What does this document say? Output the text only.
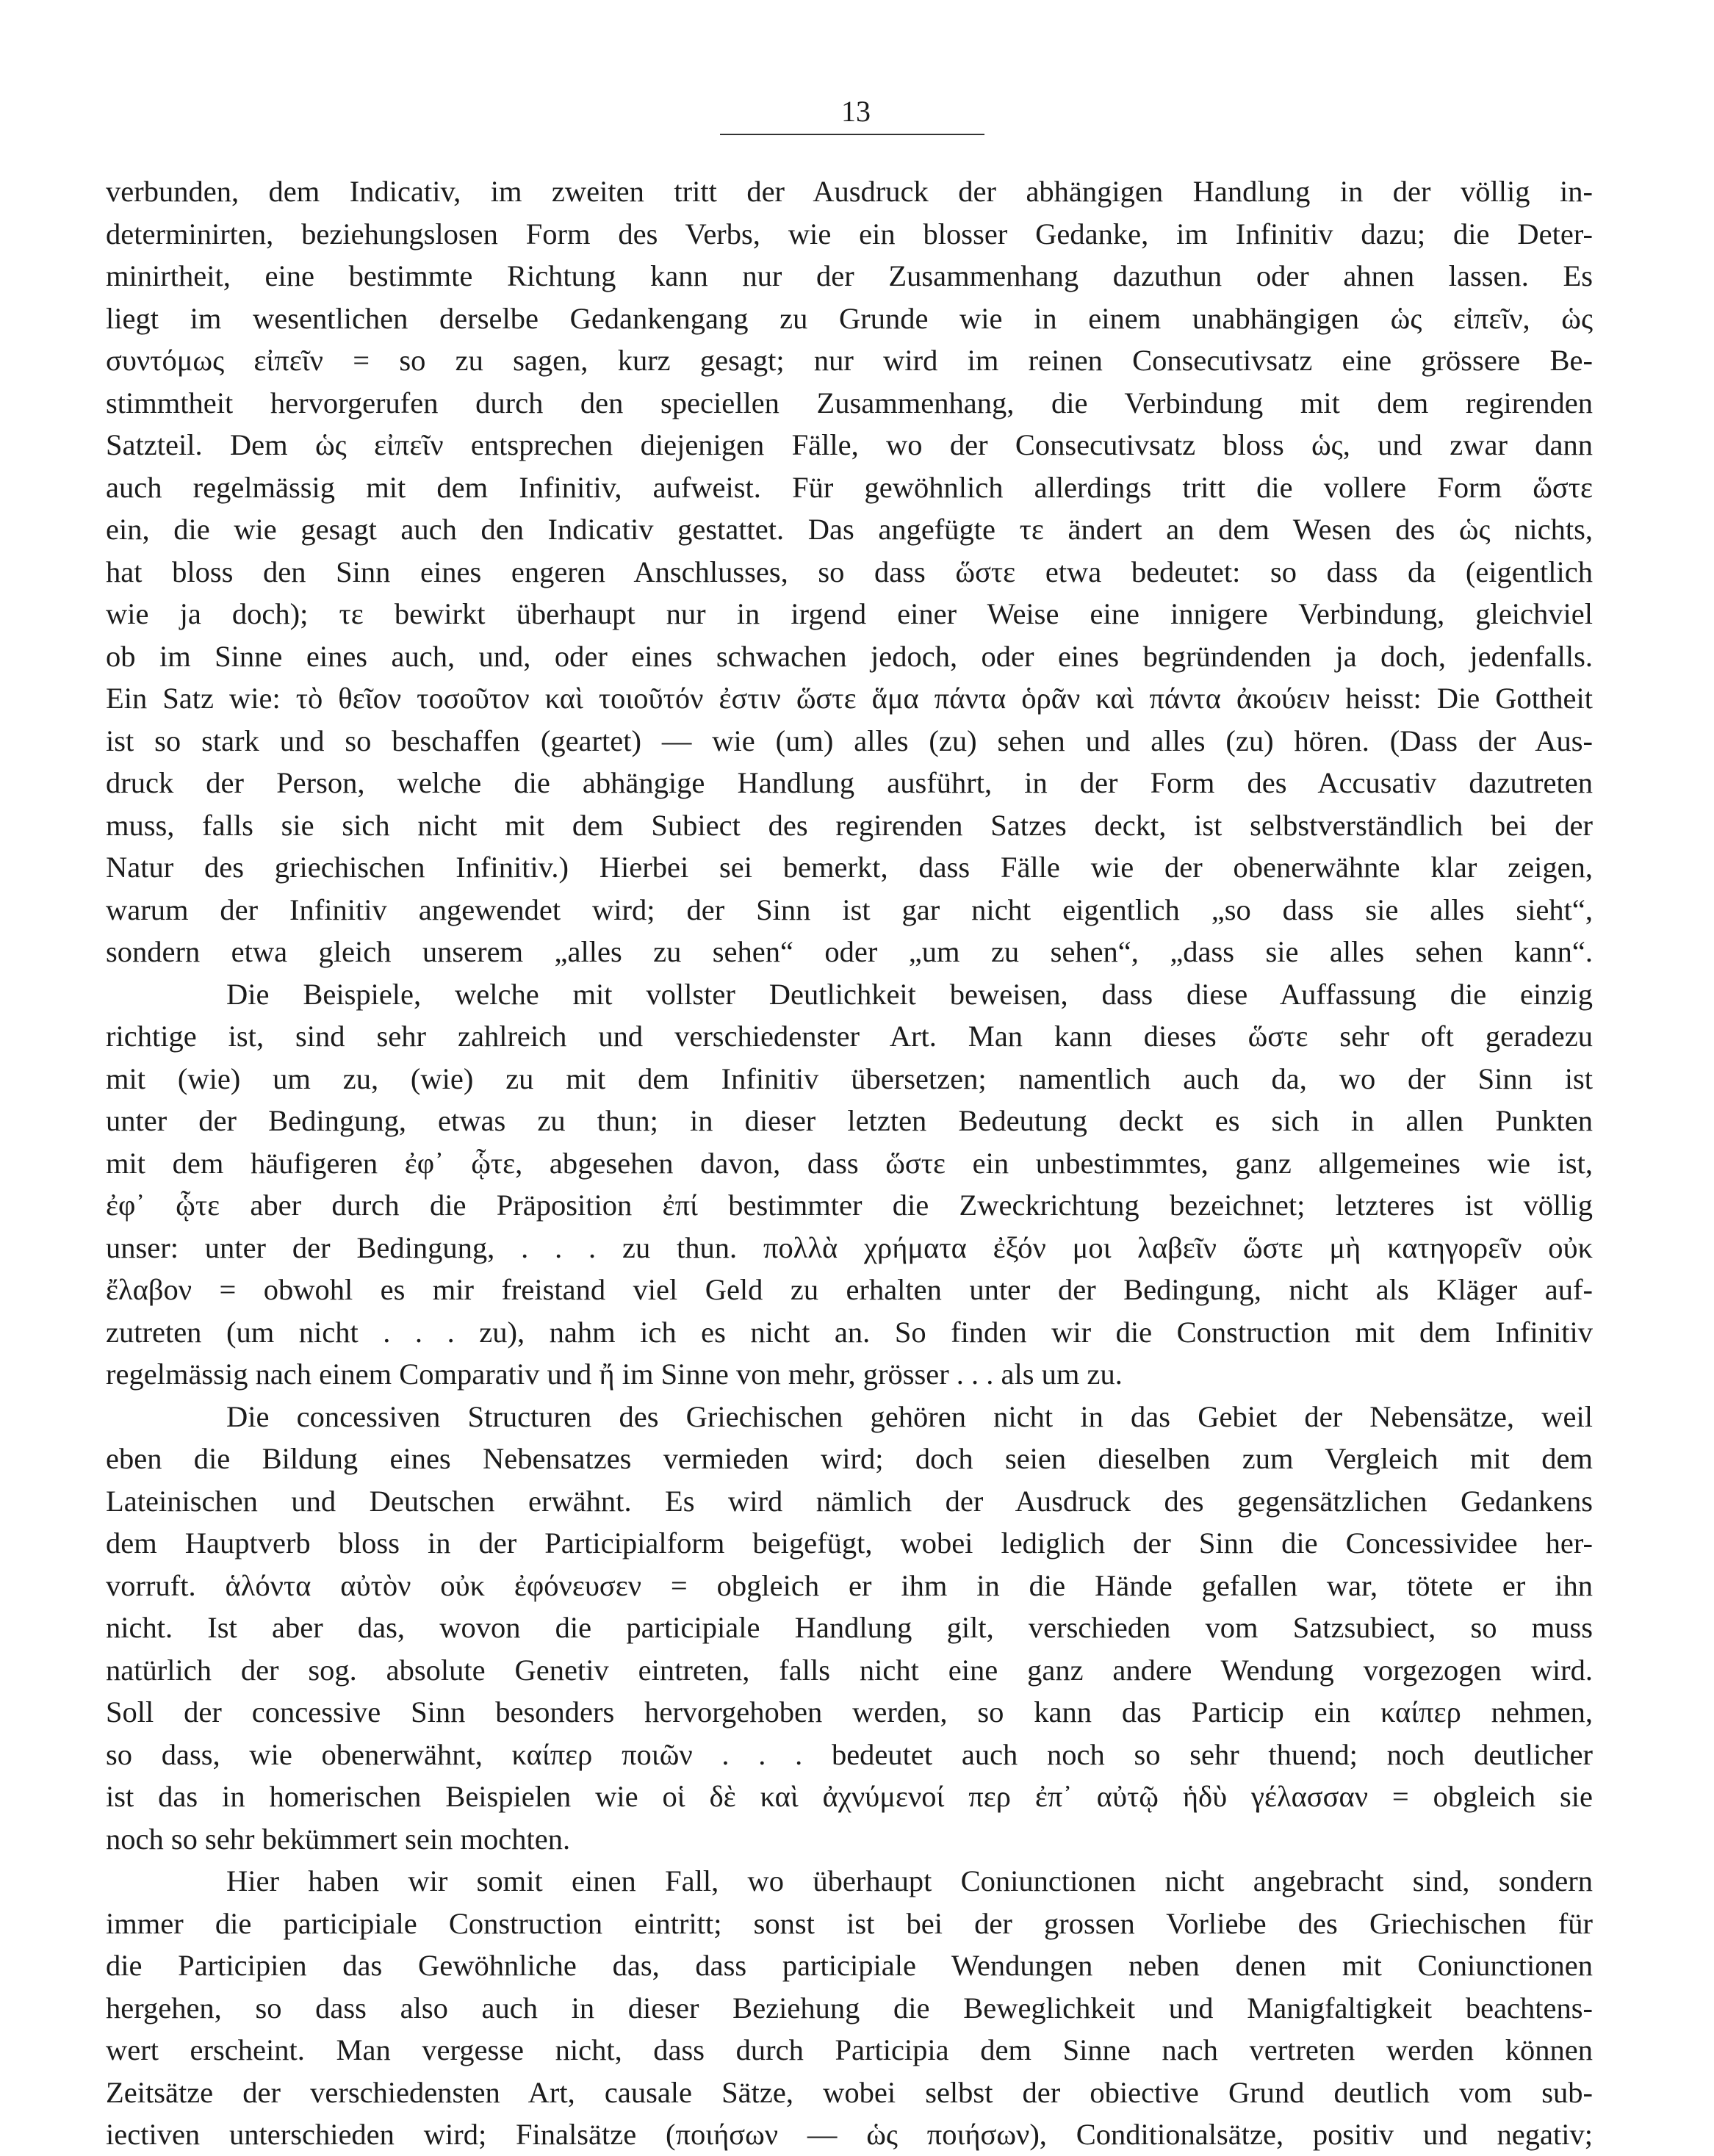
13
verbunden, dem Indicativ, im zweiten tritt der Ausdruck der abhängigen Handlung in der völlig in-
determinirten, beziehungslosen Form des Verbs, wie ein blosser Gedanke, im Infinitiv dazu; die Deter-
minirtheit, eine bestimmte Richtung kann nur der Zusammenhang dazuthun oder ahnen lassen. Es
liegt im wesentlichen derselbe Gedankengang zu Grunde wie in einem unabhängigen ὡς εἰπεῖν, ὡς
συντόμως εἰπεῖν = so zu sagen, kurz gesagt; nur wird im reinen Consecutivsatz eine grössere Be-
stimmtheit hervorgerufen durch den speciellen Zusammenhang, die Verbindung mit dem regirenden
Satzteil. Dem ὡς εἰπεῖν entsprechen diejenigen Fälle, wo der Consecutivsatz bloss ὡς, und zwar dann
auch regelmässig mit dem Infinitiv, aufweist. Für gewöhnlich allerdings tritt die vollere Form ὥστε
ein, die wie gesagt auch den Indicativ gestattet. Das angefügte τε ändert an dem Wesen des ὡς nichts,
hat bloss den Sinn eines engeren Anschlusses, so dass ὥστε etwa bedeutet: so dass da (eigentlich
wie ja doch); τε bewirkt überhaupt nur in irgend einer Weise eine innigere Verbindung, gleichviel
ob im Sinne eines auch, und, oder eines schwachen jedoch, oder eines begründenden ja doch, jedenfalls.
Ein Satz wie: τὸ θεῖον τοσοῦτον καὶ τοιοῦτόν ἐστιν ὥστε ἅμα πάντα ὁρᾶν καὶ πάντα ἀκούειν heisst: Die Gottheit
ist so stark und so beschaffen (geartet) — wie (um) alles (zu) sehen und alles (zu) hören. (Dass der Aus-
druck der Person, welche die abhängige Handlung ausführt, in der Form des Accusativ dazutreten
muss, falls sie sich nicht mit dem Subiect des regirenden Satzes deckt, ist selbstverständlich bei der
Natur des griechischen Infinitiv.) Hierbei sei bemerkt, dass Fälle wie der obenerwähnte klar zeigen,
warum der Infinitiv angewendet wird; der Sinn ist gar nicht eigentlich „so dass sie alles sieht“,
sondern etwa gleich unserem „alles zu sehen“ oder „um zu sehen“, „dass sie alles sehen kann“.
Die Beispiele, welche mit vollster Deutlichkeit beweisen, dass diese Auffassung die einzig
richtige ist, sind sehr zahlreich und verschiedenster Art. Man kann dieses ὥστε sehr oft geradezu
mit (wie) um zu, (wie) zu mit dem Infinitiv übersetzen; namentlich auch da, wo der Sinn ist
unter der Bedingung, etwas zu thun; in dieser letzten Bedeutung deckt es sich in allen Punkten
mit dem häufigeren ἐφ᾽ ᾧτε, abgesehen davon, dass ὥστε ein unbestimmtes, ganz allgemeines wie ist,
ἐφ᾽ ᾧτε aber durch die Präposition ἐπί bestimmter die Zweckrichtung bezeichnet; letzteres ist völlig
unser: unter der Bedingung, . . . zu thun. πολλὰ χρήματα ἐξόν μοι λαβεῖν ὥστε μὴ κατηγορεῖν οὐκ
ἔλαβον = obwohl es mir freistand viel Geld zu erhalten unter der Bedingung, nicht als Kläger auf-
zutreten (um nicht . . . zu), nahm ich es nicht an. So finden wir die Construction mit dem Infinitiv
regelmässig nach einem Comparativ und ἤ im Sinne von mehr, grösser . . . als um zu.
Die concessiven Structuren des Griechischen gehören nicht in das Gebiet der Nebensätze, weil
eben die Bildung eines Nebensatzes vermieden wird; doch seien dieselben zum Vergleich mit dem
Lateinischen und Deutschen erwähnt. Es wird nämlich der Ausdruck des gegensätzlichen Gedankens
dem Hauptverb bloss in der Participialform beigefügt, wobei lediglich der Sinn die Concessividee her-
vorruft. ἁλόντα αὐτὸν οὐκ ἐφόνευσεν = obgleich er ihm in die Hände gefallen war, tötete er ihn
nicht. Ist aber das, wovon die participiale Handlung gilt, verschieden vom Satzsubiect, so muss
natürlich der sog. absolute Genetiv eintreten, falls nicht eine ganz andere Wendung vorgezogen wird.
Soll der concessive Sinn besonders hervorgehoben werden, so kann das Particip ein καίπερ nehmen,
so dass, wie obenerwähnt, καίπερ ποιῶν . . . bedeutet auch noch so sehr thuend; noch deutlicher
ist das in homerischen Beispielen wie οἱ δὲ καὶ ἀχνύμενοί περ ἐπ᾽ αὐτῷ ἡδὺ γέλασσαν = obgleich sie
noch so sehr bekümmert sein mochten.
Hier haben wir somit einen Fall, wo überhaupt Coniunctionen nicht angebracht sind, sondern
immer die participiale Construction eintritt; sonst ist bei der grossen Vorliebe des Griechischen für
die Participien das Gewöhnliche das, dass participiale Wendungen neben denen mit Coniunctionen
hergehen, so dass also auch in dieser Beziehung die Beweglichkeit und Manigfaltigkeit beachtens-
wert erscheint. Man vergesse nicht, dass durch Participia dem Sinne nach vertreten werden können
Zeitsätze der verschiedensten Art, causale Sätze, wobei selbst der obiective Grund deutlich vom sub-
iectiven unterschieden wird; Finalsätze (ποιήσων — ὡς ποιήσων), Conditionalsätze, positiv und negativ;
